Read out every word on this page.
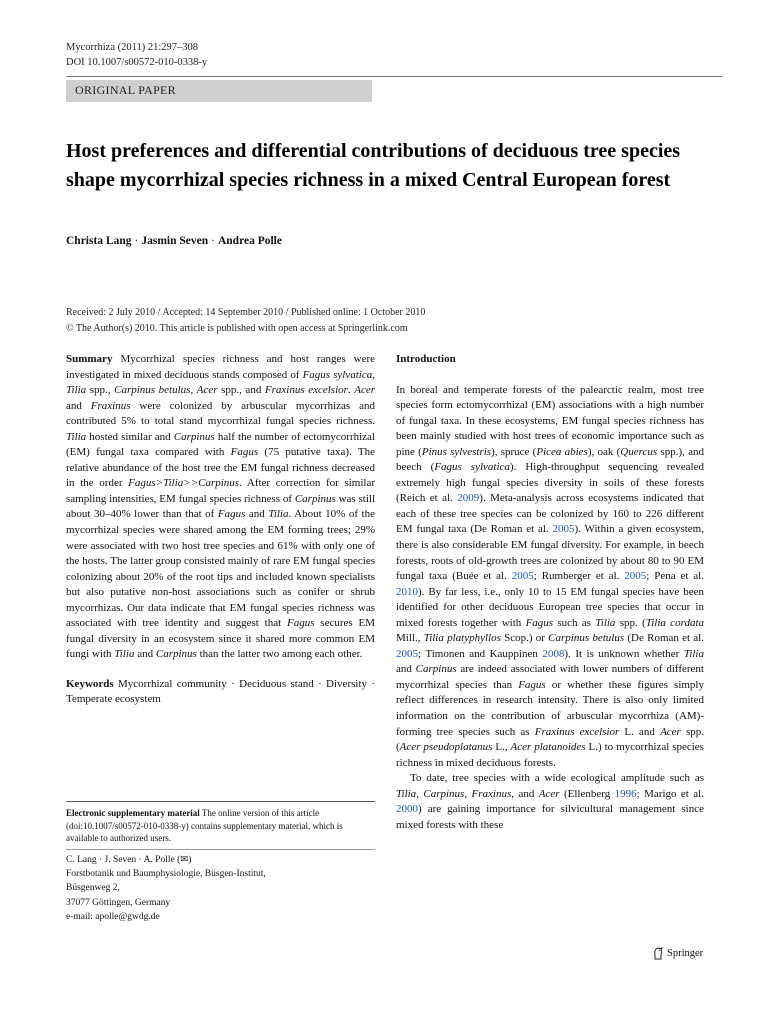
Mycorrhiza (2011) 21:297–308
DOI 10.1007/s00572-010-0338-y
ORIGINAL PAPER
Host preferences and differential contributions of deciduous tree species shape mycorrhizal species richness in a mixed Central European forest
Christa Lang · Jasmin Seven · Andrea Polle
Received: 2 July 2010 / Accepted: 14 September 2010 / Published online: 1 October 2010
© The Author(s) 2010. This article is published with open access at Springerlink.com

Summary Mycorrhizal species richness and host ranges were investigated in mixed deciduous stands composed of Fagus sylvatica, Tilia spp., Carpinus betulus, Acer spp., and Fraxinus excelsior. Acer and Fraxinus were colonized by arbuscular mycorrhizas and contributed 5% to total stand mycorrhizal fungal species richness. Tilia hosted similar and Carpinus half the number of ectomycorrhizal (EM) fungal taxa compared with Fagus (75 putative taxa). The relative abundance of the host tree the EM fungal richness decreased in the order Fagus>Tilia>>Carpinus. After correction for similar sampling intensities, EM fungal species richness of Carpinus was still about 30–40% lower than that of Fagus and Tilia. About 10% of the mycorrhizal species were shared among the EM forming trees; 29% were associated with two host tree species and 61% with only one of the hosts. The latter group consisted mainly of rare EM fungal species colonizing about 20% of the root tips and included known specialists but also putative non-host associations such as conifer or shrub mycorrhizas. Our data indicate that EM fungal species richness was associated with tree identity and suggest that Fagus secures EM fungal diversity in an ecosystem since it shared more common EM fungi with Tilia and Carpinus than the latter two among each other.

Keywords Mycorrhizal community · Deciduous stand · Diversity · Temperate ecosystem

Electronic supplementary material The online version of this article (doi:10.1007/s00572-010-0338-y) contains supplementary material, which is available to authorized users.
C. Lang · J. Seven · A. Polle (✉)
Forstbotanik und Baumphysiologie, Büsgen-Institut,
Büsgenweg 2,
37077 Göttingen, Germany
e-mail: apolle@gwdg.de

Introduction

In boreal and temperate forests of the palearctic realm, most tree species form ectomycorrhizal (EM) associations with a high number of fungal taxa. In these ecosystems, EM fungal species richness has been mainly studied with host trees of economic importance such as pine (Pinus sylvestris), spruce (Picea abies), oak (Quercus spp.), and beech (Fagus sylvatica). High-throughput sequencing revealed extremely high fungal species diversity in soils of these forests (Reich et al. 2009). Meta-analysis across ecosystems indicated that each of these tree species can be colonized by 160 to 226 different EM fungal taxa (De Roman et al. 2005). Within a given ecosystem, there is also considerable EM fungal diversity. For example, in beech forests, roots of old-growth trees are colonized by about 80 to 90 EM fungal taxa (Buée et al. 2005; Rumberger et al. 2005; Pena et al. 2010). By far less, i.e., only 10 to 15 EM fungal species have been identified for other deciduous European tree species that occur in mixed forests together with Fagus such as Tilia spp. (Tilia cordata Mill., Tilia platyphyllos Scop.) or Carpinus betulus (De Roman et al. 2005; Timonen and Kauppinen 2008). It is unknown whether Tilia and Carpinus are indeed associated with lower numbers of different mycorrhizal species than Fagus or whether these figures simply reflect differences in research intensity. There is also only limited information on the contribution of arbuscular mycorrhiza (AM)-forming tree species such as Fraxinus excelsior L. and Acer spp. (Acer pseudoplatanus L., Acer platanoides L.) to mycorrhizal species richness in mixed deciduous forests.

To date, tree species with a wide ecological amplitude such as Tilia, Carpinus, Fraxinus, and Acer (Ellenberg 1996; Marigo et al. 2000) are gaining importance for silvicultural management since mixed forests with these

Springer
